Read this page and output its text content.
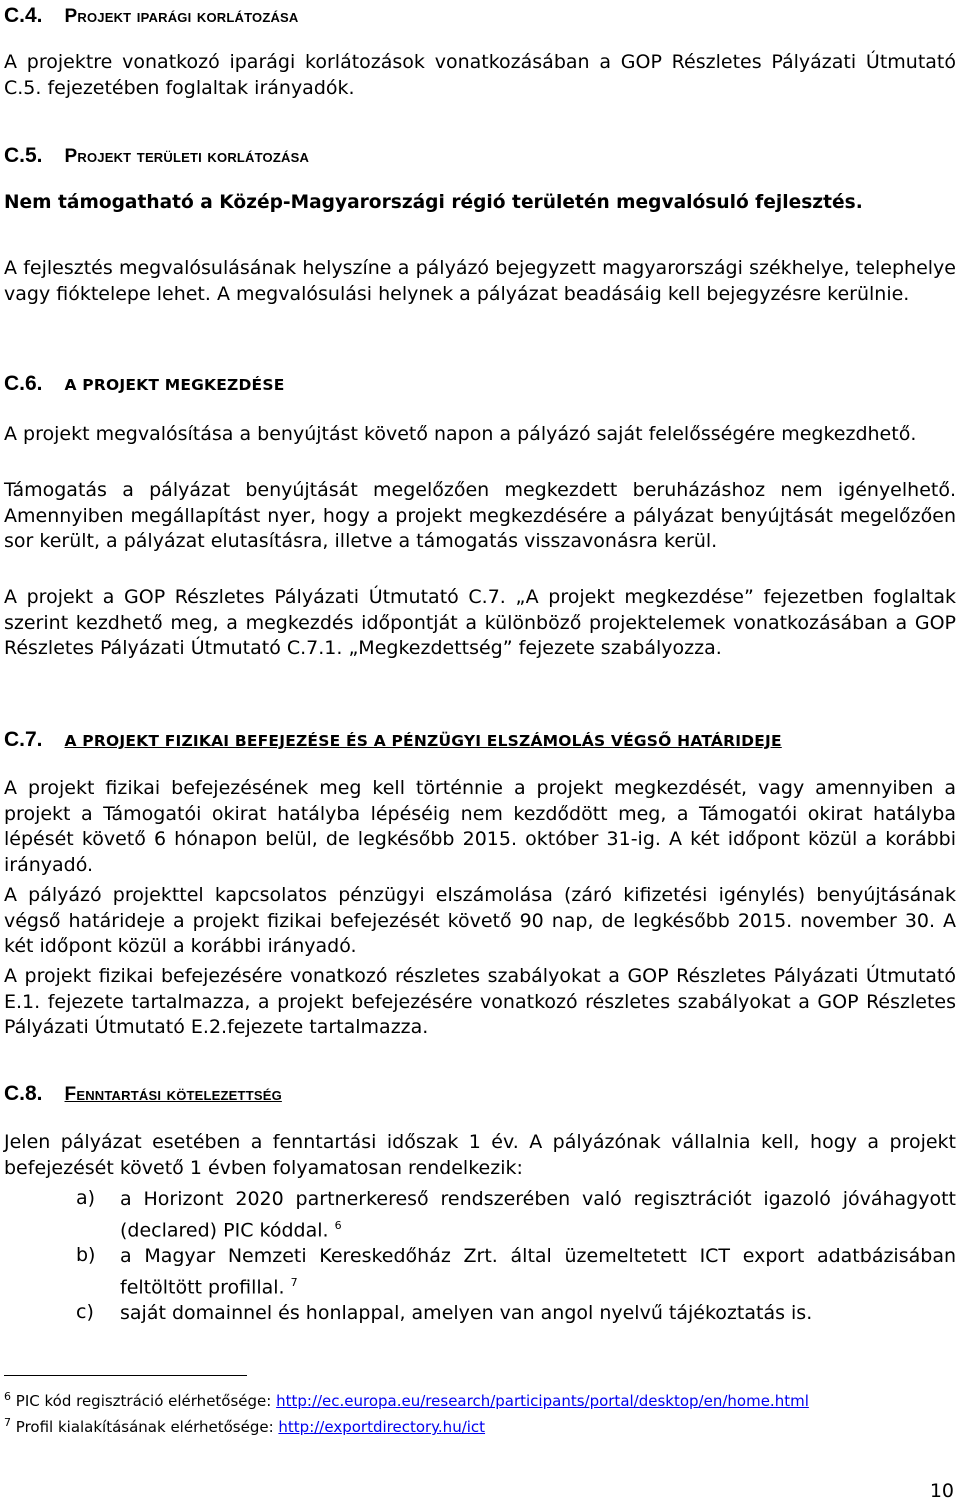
C.4. Projekt iparági korlátozása
A projektre vonatkozó iparági korlátozások vonatkozásában a GOP Részletes Pályázati Útmutató C.5. fejezetében foglaltak irányadók.
C.5. Projekt területi korlátozása
Nem támogatható a Közép-Magyarországi régió területén megvalósuló fejlesztés.
A fejlesztés megvalósulásának helyszíne a pályázó bejegyzett magyarországi székhelye, telephelye vagy fióktelepe lehet. A megvalósulási helynek a pályázat beadásáig kell bejegyzésre kerülnie.
C.6. A PROJEKT MEGKEZDÉSE
A projekt megvalósítása a benyújtást követő napon a pályázó saját felelősségére megkezdhető.
Támogatás a pályázat benyújtását megelőzően megkezdett beruházáshoz nem igényelhető. Amennyiben megállapítást nyer, hogy a projekt megkezdésére a pályázat benyújtását megelőzően sor került, a pályázat elutasításra, illetve a támogatás visszavonásra kerül.
A projekt a GOP Részletes Pályázati Útmutató C.7. „A projekt megkezdése” fejezetben foglaltak szerint kezdhető meg, a megkezdés időpontját a különböző projektelemek vonatkozásában a GOP Részletes Pályázati Útmutató C.7.1. „Megkezdettség” fejezete szabályozza.
C.7. A PROJEKT FIZIKAI BEFEJEZÉSE ÉS A PÉNZÜGYI ELSZÁMOLÁS VÉGSŐ HATÁRIDEJE
A projekt fizikai befejezésének meg kell történnie a projekt megkezdését, vagy amennyiben a projekt a Támogatói okirat hatályba lépéséig nem kezdődött meg, a Támogatói okirat hatályba lépését követő 6 hónapon belül, de legkésőbb 2015. október 31-ig. A két időpont közül a korábbi irányadó.
A pályázó projekttel kapcsolatos pénzügyi elszámolása (záró kifizetési igénylés) benyújtásának végső határideje a projekt fizikai befejezését követő 90 nap, de legkésőbb 2015. november 30. A két időpont közül a korábbi irányadó.
A projekt fizikai befejezésére vonatkozó részletes szabályokat a GOP Részletes Pályázati Útmutató E.1. fejezete tartalmazza, a projekt befejezésére vonatkozó részletes szabályokat a GOP Részletes Pályázati Útmutató E.2.fejezete tartalmazza.
C.8. Fenntartási kötelezettség
Jelen pályázat esetében a fenntartási időszak 1 év. A pályázónak vállalnia kell, hogy a projekt befejezését követő 1 évben folyamatosan rendelkezik:
a) a Horizont 2020 partnerkereső rendszerében való regisztrációt igazoló jóváhagyott (declared) PIC kóddal. $^6$
b) a Magyar Nemzeti Kereskedőház Zrt. által üzemeltetett ICT export adatbázisában feltöltött profillal. $^7$
c) saját domainnel és honlappal, amelyen van angol nyelvű tájékoztatás is.
$^6$ PIC kód regisztráció elérhetősége: http://ec.europa.eu/research/participants/portal/desktop/en/home.html
$^7$ Profil kialakításának elérhetősége: http://exportdirectory.hu/ict
10
